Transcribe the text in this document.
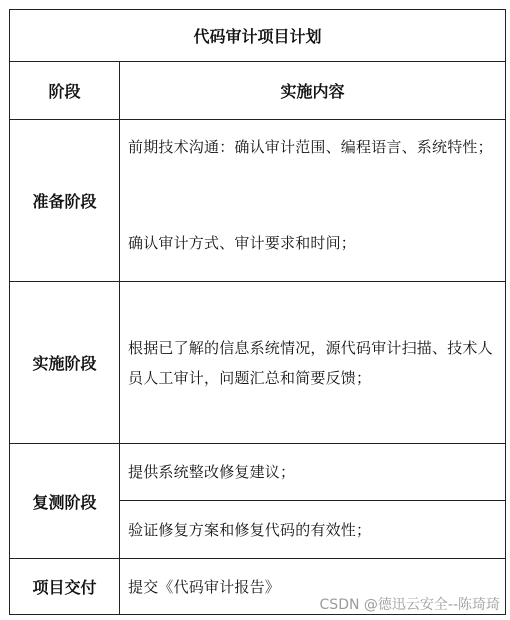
代码审计项目计划
阶段	实施内容
准备阶段
前期技术沟通：确认审计范围、编程语言、系统特性；
确认审计方式、审计要求和时间；
实施阶段
根据已了解的信息系统情况，源代码审计扫描、技术人员人工审计，问题汇总和简要反馈；
复测阶段
提供系统整改修复建议；
验证修复方案和修复代码的有效性；
项目交付	提交《代码审计报告》
CSDN @德迅云安全--陈琦琦
